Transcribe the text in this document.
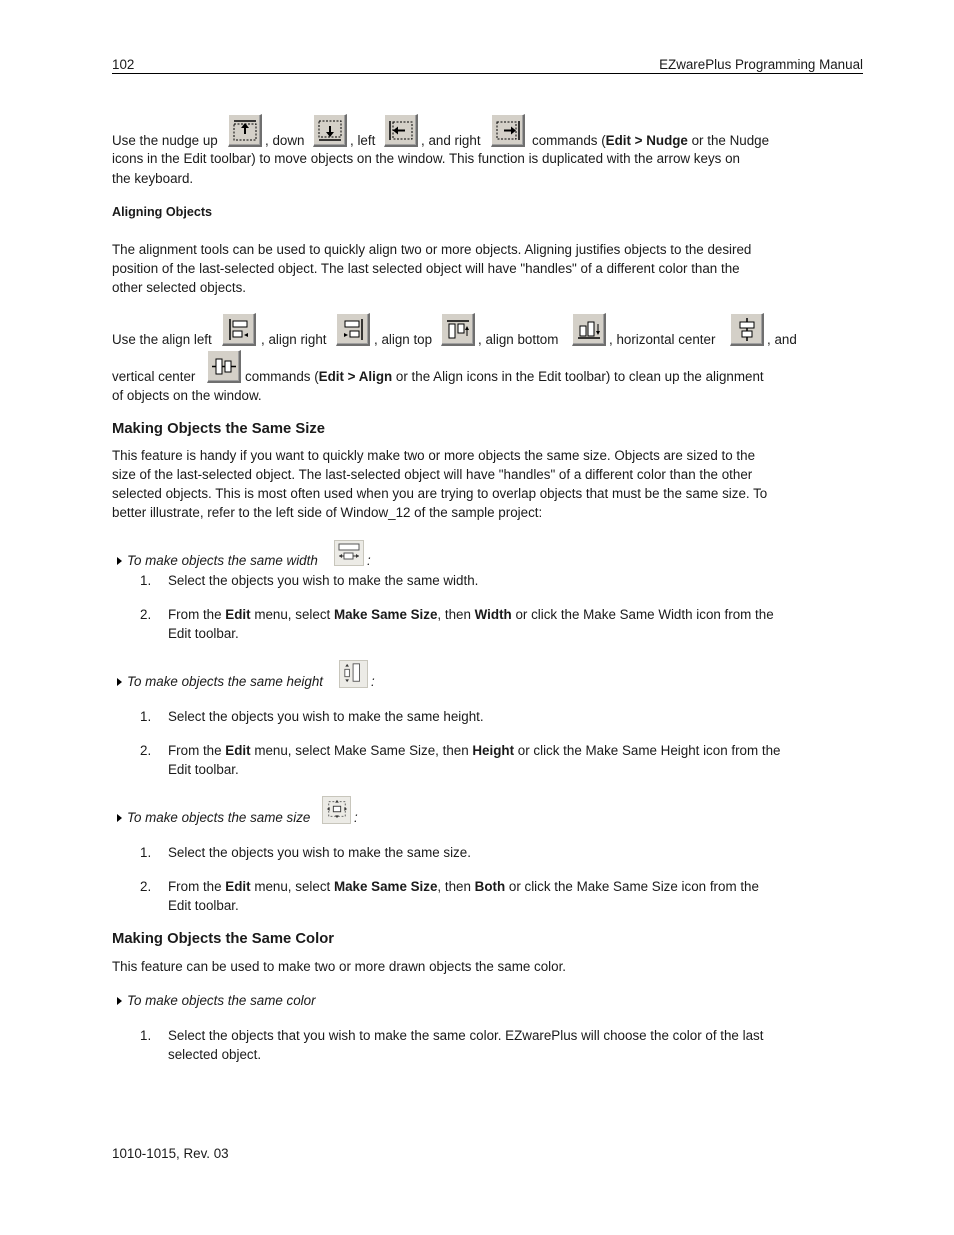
102	EZwarePlus Programming Manual
Use the nudge up	, down	, left	, and right	commands (Edit > Nudge or the Nudge
icons in the Edit toolbar) to move objects on the window. This function is duplicated with the arrow keys on
the keyboard.
Aligning Objects

The alignment tools can be used to quickly align two or more objects. Aligning justifies objects to the desired

position of the last-selected object. The last selected object will have "handles" of a different color than the

other selected objects.

Use the align left	, align right	, align top	, align bottom	, horizontal center	, and
vertical center	commands (Edit > Align or the Align icons in the Edit toolbar) to clean up the alignment
of objects on the window.
Making Objects the Same Size

This feature is handy if you want to quickly make two or more objects the same size. Objects are sized to the

size of the last-selected object. The last-selected object will have "handles" of a different color than the other

selected objects. This is most often used when you are trying to overlap objects that must be the same size. To

better illustrate, refer to the left side of Window_12 of the sample project:

To make objects the same width	:
1.	Select the objects you wish to make the same width.
2.	From the Edit menu, select Make Same Size, then Width or click the Make Same Width icon from the
Edit toolbar.
To make objects the same height	:
1.	Select the objects you wish to make the same height.
2.	From the Edit menu, select Make Same Size, then Height or click the Make Same Height icon from the
Edit toolbar.
To make objects the same size	:
1.	Select the objects you wish to make the same size.
2.	From the Edit menu, select Make Same Size, then Both or click the Make Same Size icon from the
Edit toolbar.
Making Objects the Same Color

This feature can be used to make two or more drawn objects the same color.

To make objects the same color
1.	Select the objects that you wish to make the same color. EZwarePlus will choose the color of the last
selected object.
1010-1015, Rev. 03
